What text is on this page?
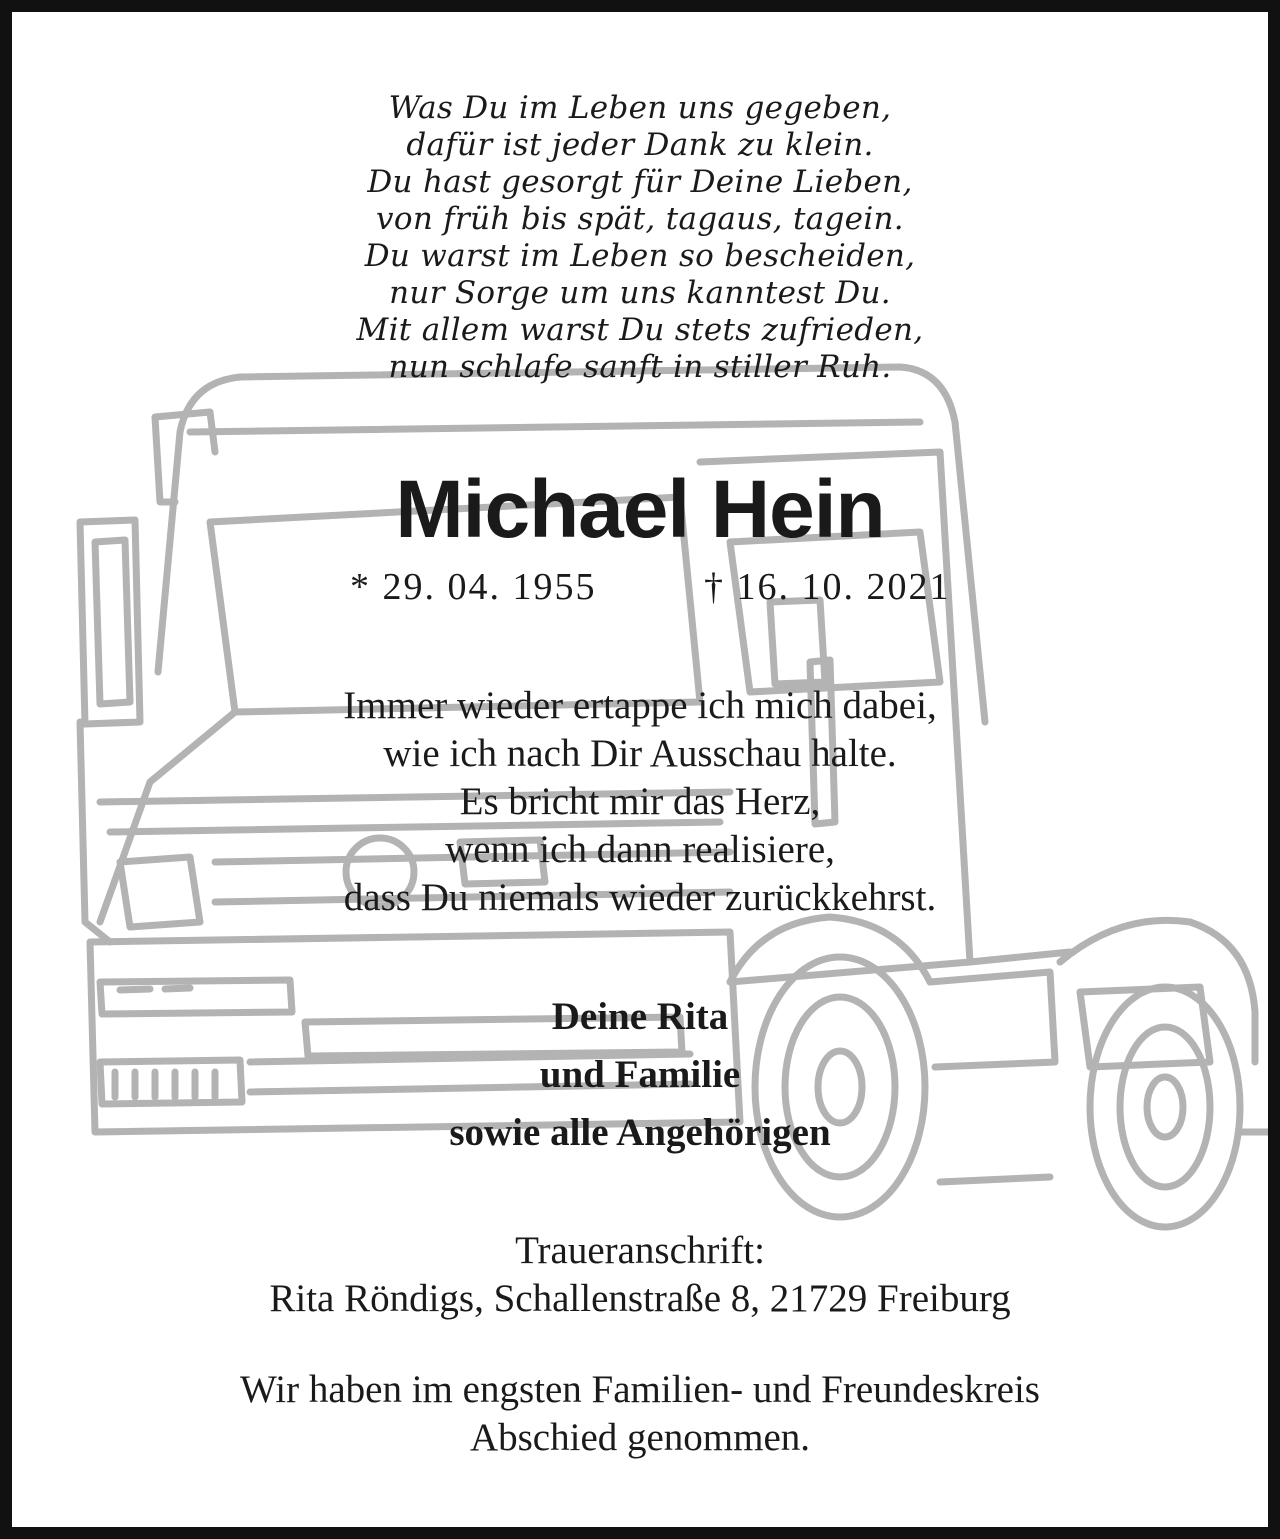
Was Du im Leben uns gegeben,
dafür ist jeder Dank zu klein.
Du hast gesorgt für Deine Lieben,
von früh bis spät, tagaus, tagein.
Du warst im Leben so bescheiden,
nur Sorge um uns kanntest Du.
Mit allem warst Du stets zufrieden,
nun schlafe sanft in stiller Ruh.
Michael Hein
* 29. 04. 1955	† 16. 10. 2021
Immer wieder ertappe ich mich dabei,
wie ich nach Dir Ausschau halte.
Es bricht mir das Herz,
wenn ich dann realisiere,
dass Du niemals wieder zurückkehrst.
Deine Rita
und Familie
sowie alle Angehörigen
Traueranschrift:
Rita Röndigs, Schallenstraße 8, 21729 Freiburg
Wir haben im engsten Familien- und Freundeskreis
Abschied genommen.
